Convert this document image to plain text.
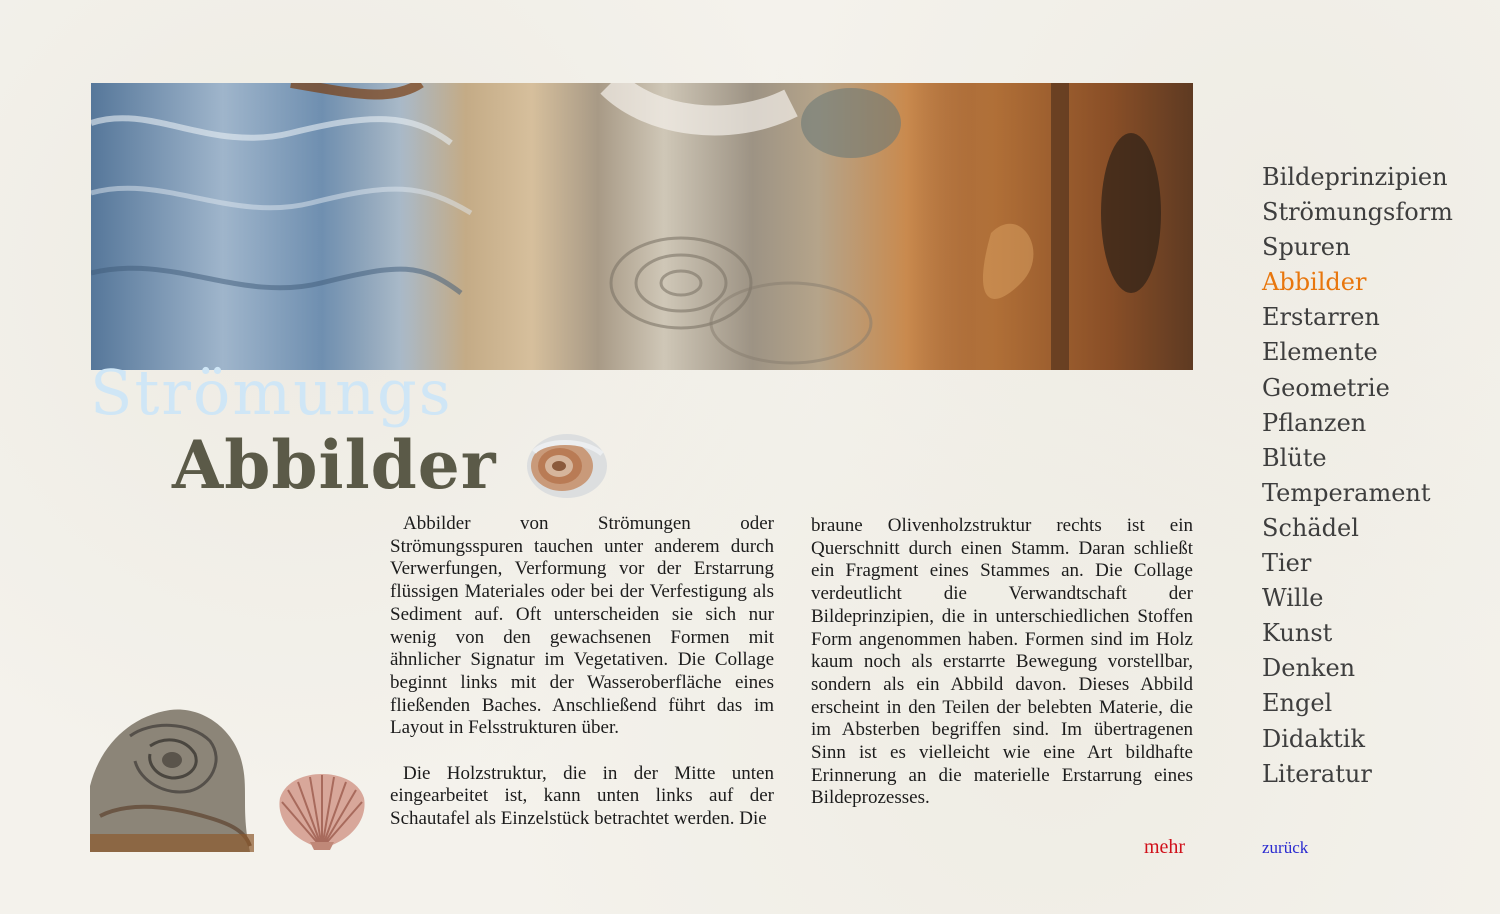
Strömungs
Abbilder

Abbilder von Strömungen oder Strömungsspuren tauchen unter anderem durch Verwerfungen, Verformung vor der Erstarrung flüssigen Materiales oder bei der Verfestigung als Sediment auf. Oft unterscheiden sie sich nur wenig von den gewachsenen Formen mit ähnlicher Signatur im Vegetativen. Die Collage beginnt links mit der Wasseroberfläche eines fließenden Baches. Anschließend führt das im Layout in Felsstrukturen über.

Die Holzstruktur, die in der Mitte unten eingearbeitet ist, kann unten links auf der Schautafel als Einzelstück betrachtet werden. Die

braune Olivenholzstruktur rechts ist ein Querschnitt durch einen Stamm. Daran schließt ein Fragment eines Stammes an. Die Collage verdeutlicht die Verwandtschaft der Bildeprinzipien, die in unterschiedlichen Stoffen Form angenommen haben. Formen sind im Holz kaum noch als erstarrte Bewegung vorstellbar, sondern als ein Abbild davon. Dieses Abbild erscheint in den Teilen der belebten Materie, die im Absterben begriffen sind. Im übertragenen Sinn ist es vielleicht wie eine Art bildhafte Erinnerung an die materielle Erstarrung eines Bildeprozesses.

mehr	zurück
Bildeprinzipien
Strömungsform
Spuren
Abbilder
Erstarren
Elemente
Geometrie
Pflanzen
Blüte
Temperament
Schädel
Tier
Wille
Kunst
Denken
Engel
Didaktik
Literatur
